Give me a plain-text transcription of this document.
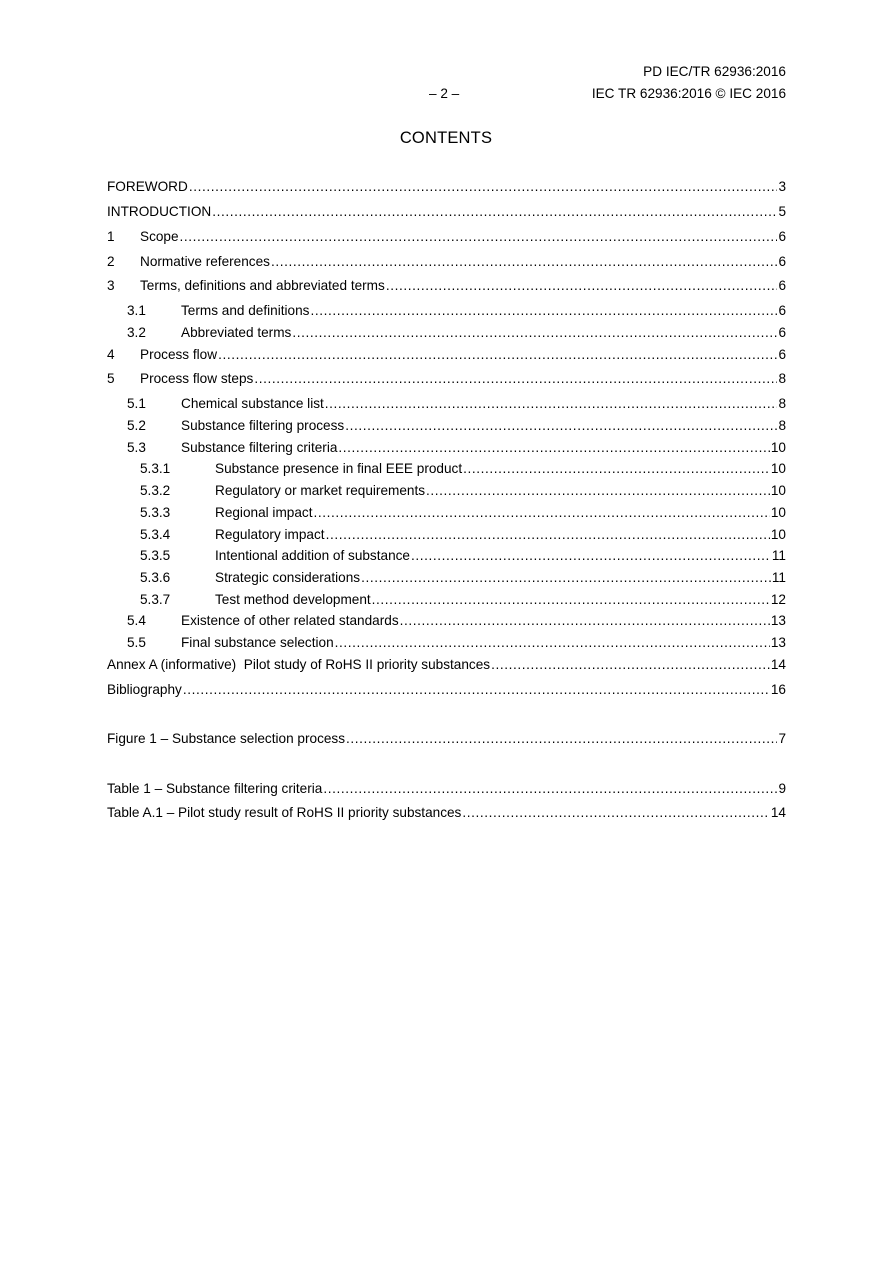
PD IEC/TR 62936:2016
– 2 –	IEC TR 62936:2016 © IEC 2016
CONTENTS
FOREWORD .....	3
INTRODUCTION .....	5
1	Scope .....	6
2	Normative references .....	6
3	Terms, definitions and abbreviated terms .....	6
3.1	Terms and definitions .....	6
3.2	Abbreviated terms .....	6
4	Process flow .....	6
5	Process flow steps .....	8
5.1	Chemical substance list .....	8
5.2	Substance filtering process .....	8
5.3	Substance filtering criteria .....	10
5.3.1	Substance presence in final EEE product .....	10
5.3.2	Regulatory or market requirements .....	10
5.3.3	Regional impact .....	10
5.3.4	Regulatory impact .....	10
5.3.5	Intentional addition of substance .....	11
5.3.6	Strategic considerations .....	11
5.3.7	Test method development .....	12
5.4	Existence of other related standards .....	13
5.5	Final substance selection .....	13
Annex A (informative)  Pilot study of RoHS II priority substances .....	14
Bibliography .....	16
Figure 1 – Substance selection process .....	7
Table 1 – Substance filtering criteria .....	9
Table A.1 – Pilot study result of RoHS II priority substances .....	14
